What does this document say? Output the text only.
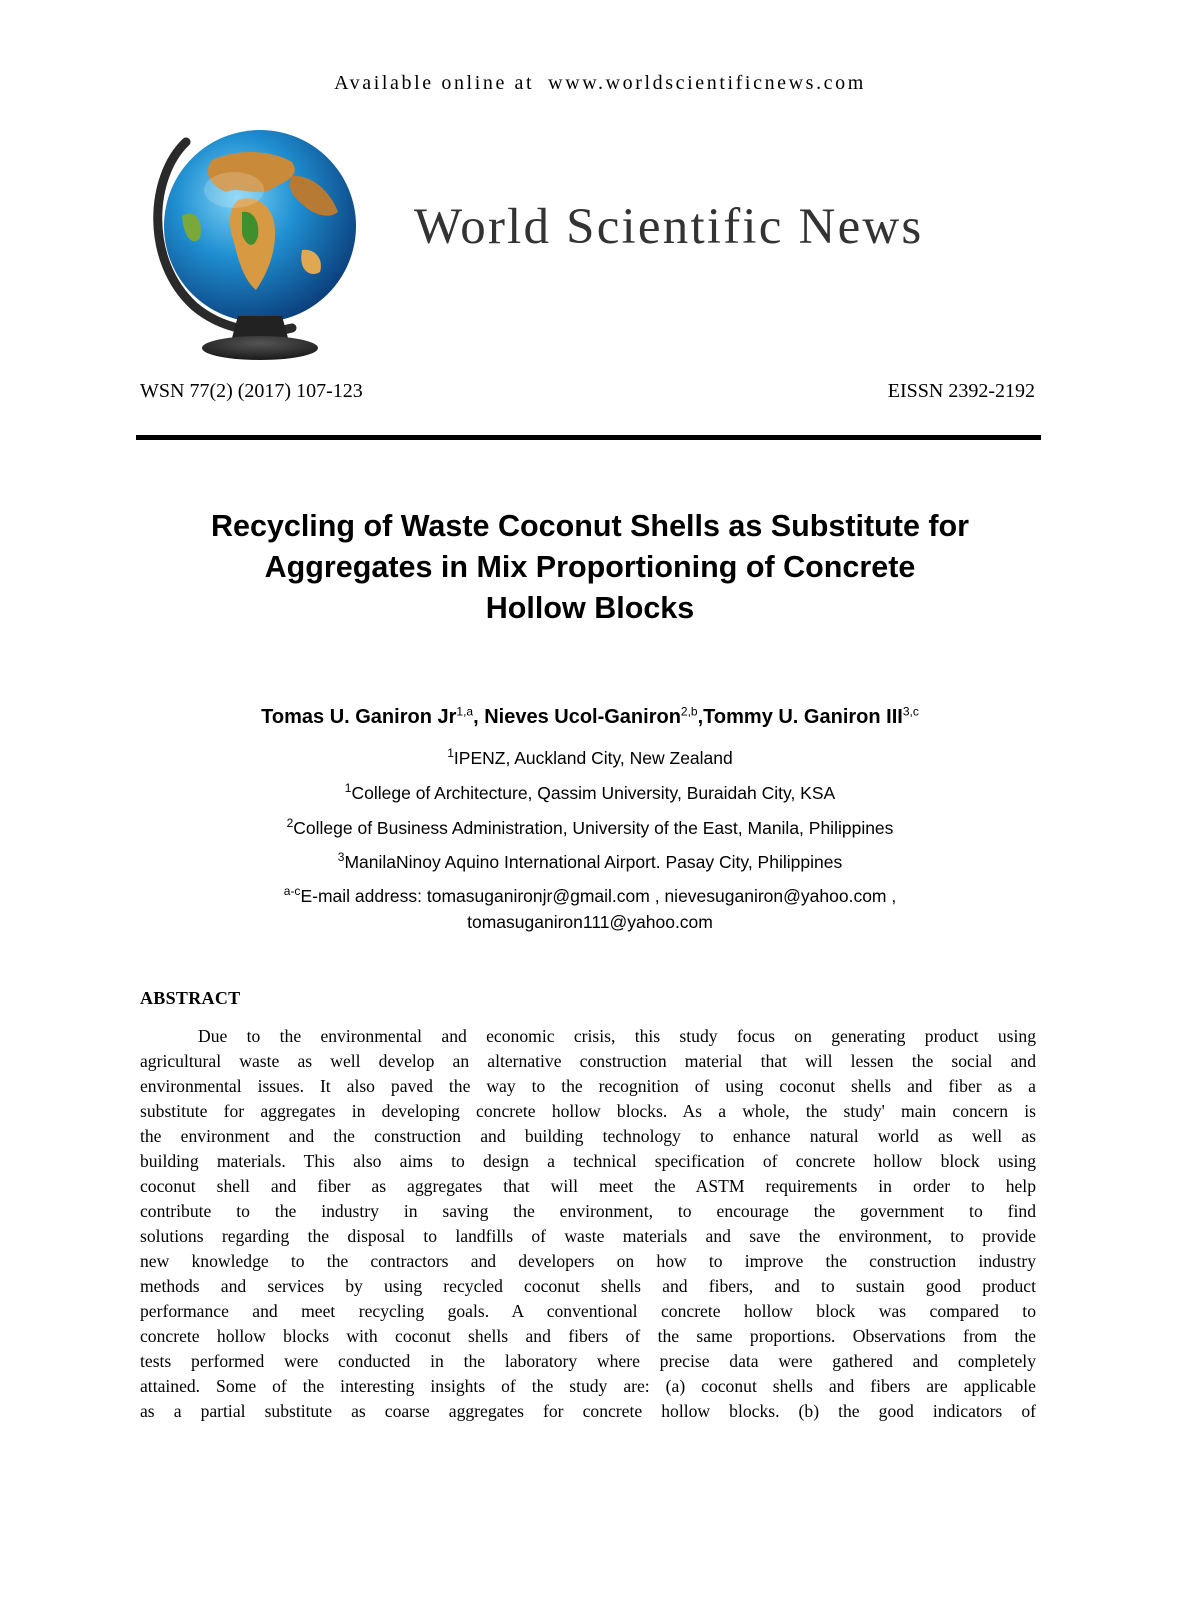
Available online at www.worldscientificnews.com
World Scientific News
WSN 77(2) (2017) 107-123	EISSN 2392-2192
Recycling of Waste Coconut Shells as Substitute for
Aggregates in Mix Proportioning of Concrete
Hollow Blocks
Tomas U. Ganiron Jr$^{1,a}$, Nieves Ucol-Ganiron$^{2,b}$,Tommy U. Ganiron III$^{3,c}$
$^1$IPENZ, Auckland City, New Zealand
$^1$College of Architecture, Qassim University, Buraidah City, KSA
$^2$College of Business Administration, University of the East, Manila, Philippines
$^3$ManilaNinoy Aquino International Airport. Pasay City, Philippines
$^{a-c}$E-mail address: tomasuganironjr@gmail.com , nievesuganiron@yahoo.com ,
tomasuganiron111@yahoo.com
ABSTRACT
Due to the environmental and economic crisis, this study focus on generating product using
agricultural waste as well develop an alternative construction material that will lessen the social and
environmental issues. It also paved the way to the recognition of using coconut shells and fiber as a
substitute for aggregates in developing concrete hollow blocks. As a whole, the study' main concern is
the environment and the construction and building technology to enhance natural world as well as
building materials. This also aims to design a technical specification of concrete hollow block using
coconut shell and fiber as aggregates that will meet the ASTM requirements in order to help
contribute to the industry in saving the environment, to encourage the government to find
solutions regarding the disposal to landfills of waste materials and save the environment, to provide
new knowledge to the contractors and developers on how to improve the construction industry
methods and services by using recycled coconut shells and fibers, and to sustain good product
performance and meet recycling goals. A conventional concrete hollow block was compared to
concrete hollow blocks with coconut shells and fibers of the same proportions. Observations from the
tests performed were conducted in the laboratory where precise data were gathered and completely
attained. Some of the interesting insights of the study are: (a) coconut shells and fibers are applicable
as a partial substitute as coarse aggregates for concrete hollow blocks. (b) the good indicators of
